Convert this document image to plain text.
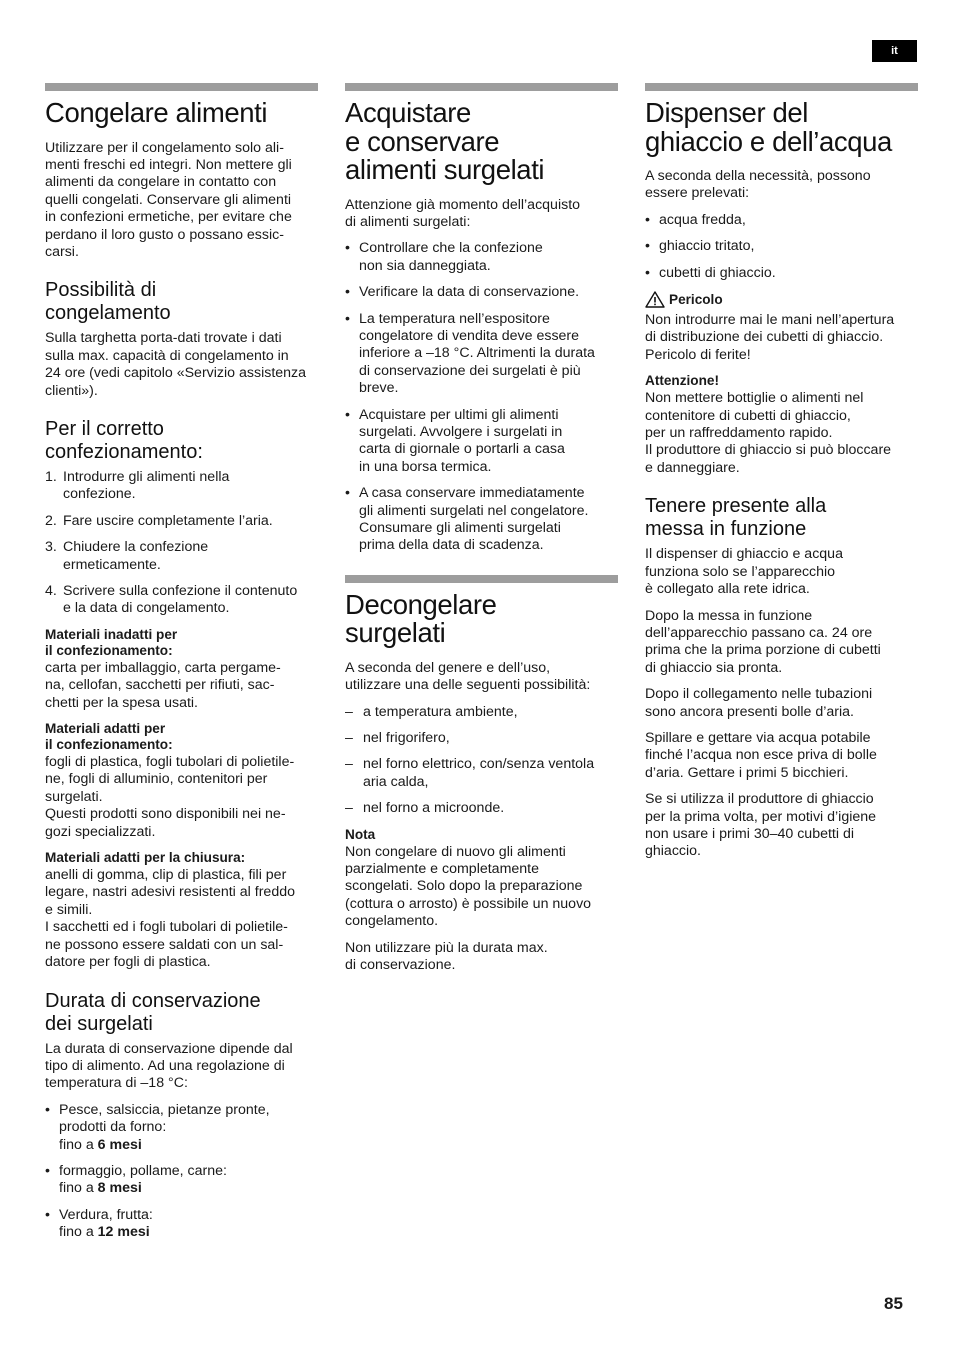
it
Congelare alimenti

Utilizzare per il congelamento solo ali-
menti freschi ed integri. Non mettere gli
alimenti da congelare in contatto con
quelli congelati. Conservare gli alimenti
in confezioni ermetiche, per evitare che
perdano il loro gusto o possano essic-
carsi.

Possibilità di
congelamento

Sulla targhetta porta-dati trovate i dati
sulla max. capacità di congelamento in
24 ore (vedi capitolo «Servizio assistenza
clienti»).

Per il corretto
confezionamento:
1. Introdurre gli alimenti nella
confezione.
2. Fare uscire completamente l’aria.
3. Chiudere la confezione
ermeticamente.
4. Scrivere sulla confezione il contenuto
e la data di congelamento.
Materiali inadatti per
il confezionamento:

carta per imballaggio, carta pergame-
na, cellofan, sacchetti per rifiuti, sac-
chetti per la spesa usati.

Materiali adatti per
il confezionamento:

fogli di plastica, fogli tubolari di polietile-
ne, fogli di alluminio, contenitori per
surgelati.
Questi prodotti sono disponibili nei ne-
gozi specializzati.

Materiali adatti per la chiusura:

anelli di gomma, clip di plastica, fili per
legare, nastri adesivi resistenti al freddo
e simili.
I sacchetti ed i fogli tubolari di polietile-
ne possono essere saldati con un sal-
datore per fogli di plastica.

Durata di conservazione
dei surgelati

La durata di conservazione dipende dal
tipo di alimento. Ad una regolazione di
temperatura di –18 °C:

• Pesce, salsiccia, pietanze pronte,
prodotti da forno:
fino a 6 mesi
• formaggio, pollame, carne:
fino a 8 mesi
• Verdura, frutta:
fino a 12 mesi
Acquistare
e conservare
alimenti surgelati

Attenzione già momento dell’acquisto
di alimenti surgelati:

• Controllare che la confezione
non sia danneggiata.
• Verificare la data di conservazione.
• La temperatura nell’espositore
congelatore di vendita deve essere
inferiore a –18 °C. Altrimenti la durata
di conservazione dei surgelati è più
breve.
• Acquistare per ultimi gli alimenti
surgelati. Avvolgere i surgelati in
carta di giornale o portarli a casa
in una borsa termica.
• A casa conservare immediatamente
gli alimenti surgelati nel congelatore.
Consumare gli alimenti surgelati
prima della data di scadenza.
Decongelare
surgelati

A seconda del genere e dell’uso,
utilizzare una delle seguenti possibilità:

– a temperatura ambiente,
– nel frigorifero,
– nel forno elettrico, con/senza ventola
aria calda,
– nel forno a microonde.
Nota

Non congelare di nuovo gli alimenti
parzialmente e completamente
scongelati. Solo dopo la preparazione
(cottura o arrosto) è possibile un nuovo
congelamento.

Non utilizzare più la durata max.
di conservazione.

Dispenser del
ghiaccio e dell’acqua

A seconda della necessità, possono
essere prelevati:

• acqua fredda,
• ghiaccio tritato,
• cubetti di ghiaccio.
Pericolo

Non introdurre mai le mani nell’apertura
di distribuzione dei cubetti di ghiaccio.
Pericolo di ferite!

Attenzione!

Non mettere bottiglie o alimenti nel
contenitore di cubetti di ghiaccio,
per un raffreddamento rapido.
Il produttore di ghiaccio si può bloccare
e danneggiare.

Tenere presente alla
messa in funzione

Il dispenser di ghiaccio e acqua
funziona solo se l’apparecchio
è collegato alla rete idrica.

Dopo la messa in funzione
dell’apparecchio passano ca. 24 ore
prima che la prima porzione di cubetti
di ghiaccio sia pronta.

Dopo il collegamento nelle tubazioni
sono ancora presenti bolle d’aria.

Spillare e gettare via acqua potabile
finché l’acqua non esce priva di bolle
d’aria. Gettare i primi 5 bicchieri.

Se si utilizza il produttore di ghiaccio
per la prima volta, per motivi d’igiene
non usare i primi 30–40 cubetti di
ghiaccio.

85
